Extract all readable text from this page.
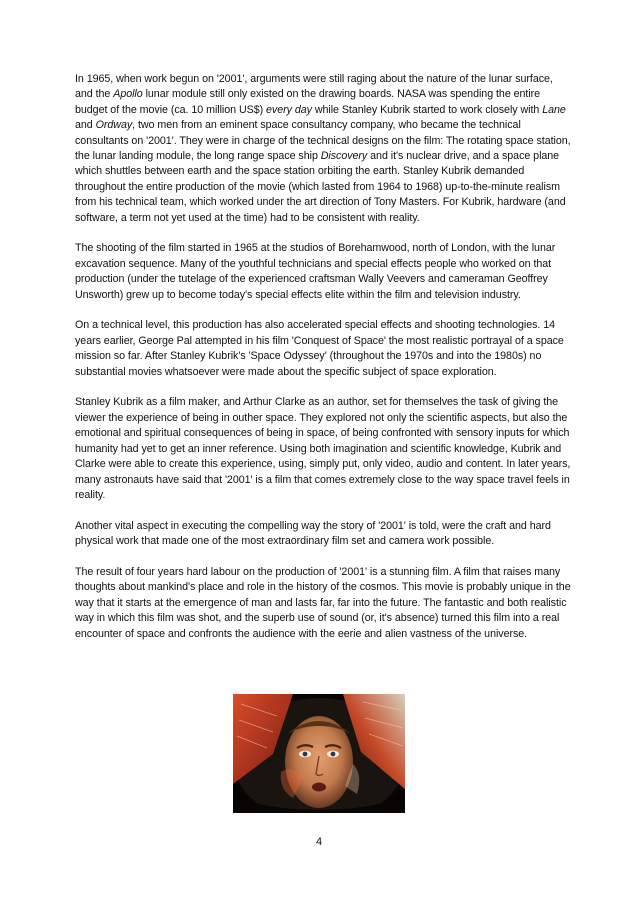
In 1965, when work begun on '2001', arguments were still raging about the nature of the lunar surface, and the Apollo lunar module still only existed on the drawing boards. NASA was spending the entire budget of the movie (ca. 10 million US$) every day while Stanley Kubrik started to work closely with Lane and Ordway, two men from an eminent space consultancy company, who became the technical consultants on '2001'. They were in charge of the technical designs on the film: The rotating space station, the lunar landing module, the long range space ship Discovery and it's nuclear drive, and a space plane which shuttles between earth and the space station orbiting the earth. Stanley Kubrik demanded throughout the entire production of the movie (which lasted from 1964 to 1968) up-to-the-minute realism from his technical team, which worked under the art direction of Tony Masters. For Kubrik, hardware (and software, a term not yet used at the time) had to be consistent with reality.

The shooting of the film started in 1965 at the studios of Borehamwood, north of London, with the lunar excavation sequence. Many of the youthful technicians and special effects people who worked on that production (under the tutelage of the experienced craftsman Wally Veevers and cameraman Geoffrey Unsworth) grew up to become today's special effects elite within the film and television industry.

On a technical level, this production has also accelerated special effects and shooting technologies. 14 years earlier, George Pal attempted in his film 'Conquest of Space' the most realistic portrayal of a space mission so far. After Stanley Kubrik's 'Space Odyssey' (throughout the 1970s and into the 1980s) no substantial movies whatsoever were made about the specific subject of space exploration.

Stanley Kubrik as a film maker, and Arthur Clarke as an author, set for themselves the task of giving the viewer the experience of being in outher space. They explored not only the scientific aspects, but also the emotional and spiritual consequences of being in space, of being confronted with sensory inputs for which humanity had yet to get an inner reference. Using both imagination and scientific knowledge, Kubrik and Clarke were able to create this experience, using, simply put, only video, audio and content. In later years, many astronauts have said that '2001' is a film that comes extremely close to the way space travel feels in reality.

Another vital aspect in executing the compelling way the story of '2001' is told, were the craft and hard physical work that made one of the most extraordinary film set and camera work possible.

The result of four years hard labour on the production of '2001' is a stunning film. A film that raises many thoughts about mankind's place and role in the history of the cosmos. This movie is probably unique in the way that it starts at the emergence of man and lasts far, far into the future. The fantastic and both realistic way in which this film was shot, and the superb use of sound (or, it's absence) turned this film into a real encounter of space and confronts the audience with the eerie and alien vastness of the universe.

4
